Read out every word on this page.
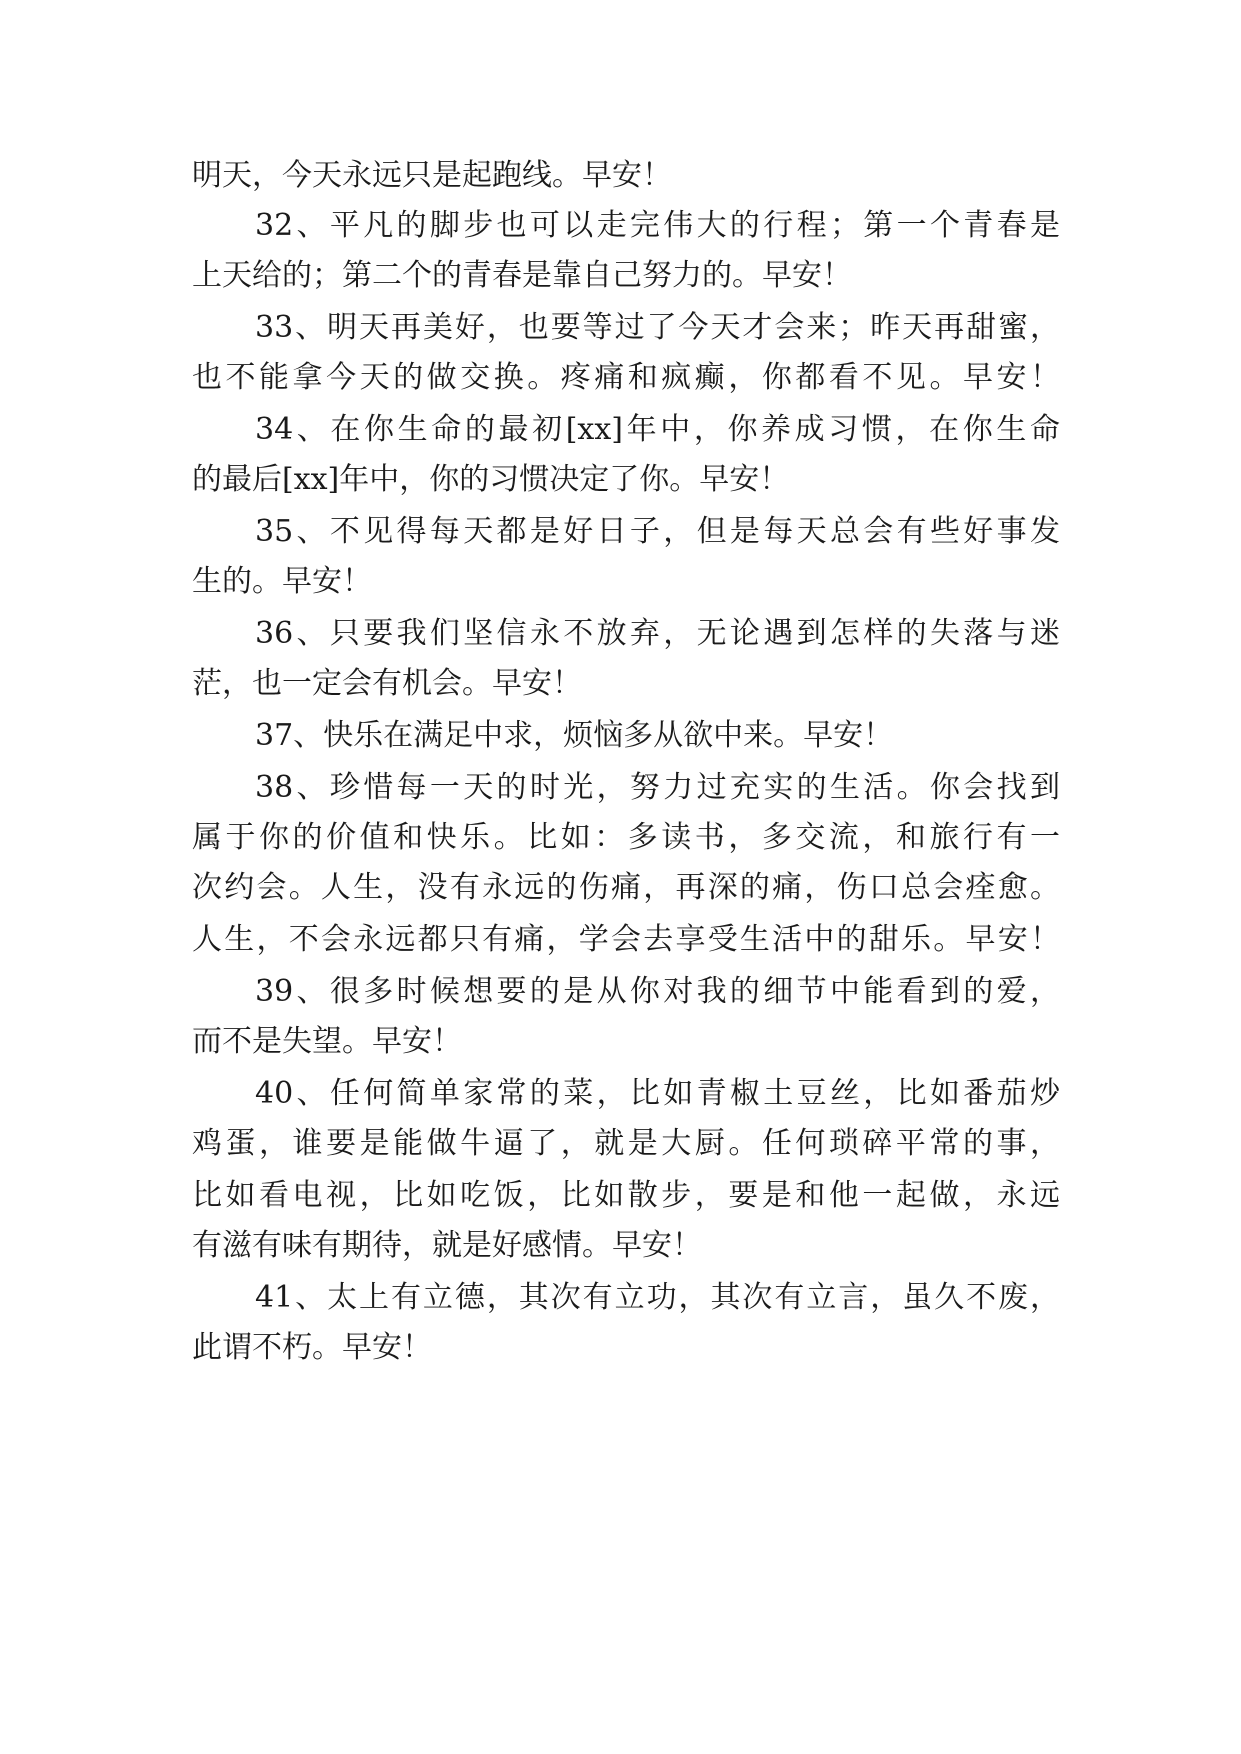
明天，今天永远只是起跑线。早安！
32、平凡的脚步也可以走完伟大的行程；第一个青春是
上天给的；第二个的青春是靠自己努力的。早安！
33、明天再美好，也要等过了今天才会来；昨天再甜蜜，
也不能拿今天的做交换。疼痛和疯癫，你都看不见。早安！
34、在你生命的最初[xx]年中，你养成习惯，在你生命
的最后[xx]年中，你的习惯决定了你。早安！
35、不见得每天都是好日子，但是每天总会有些好事发
生的。早安！
36、只要我们坚信永不放弃，无论遇到怎样的失落与迷
茫，也一定会有机会。早安！
37、快乐在满足中求，烦恼多从欲中来。早安！
38、珍惜每一天的时光，努力过充实的生活。你会找到
属于你的价值和快乐。比如：多读书，多交流，和旅行有一
次约会。人生，没有永远的伤痛，再深的痛，伤口总会痊愈。
人生，不会永远都只有痛，学会去享受生活中的甜乐。早安！
39、很多时候想要的是从你对我的细节中能看到的爱，
而不是失望。早安！
40、任何简单家常的菜，比如青椒土豆丝，比如番茄炒
鸡蛋，谁要是能做牛逼了，就是大厨。任何琐碎平常的事，
比如看电视，比如吃饭，比如散步，要是和他一起做，永远
有滋有味有期待，就是好感情。早安！
41、太上有立德，其次有立功，其次有立言，虽久不废，
此谓不朽。早安！
